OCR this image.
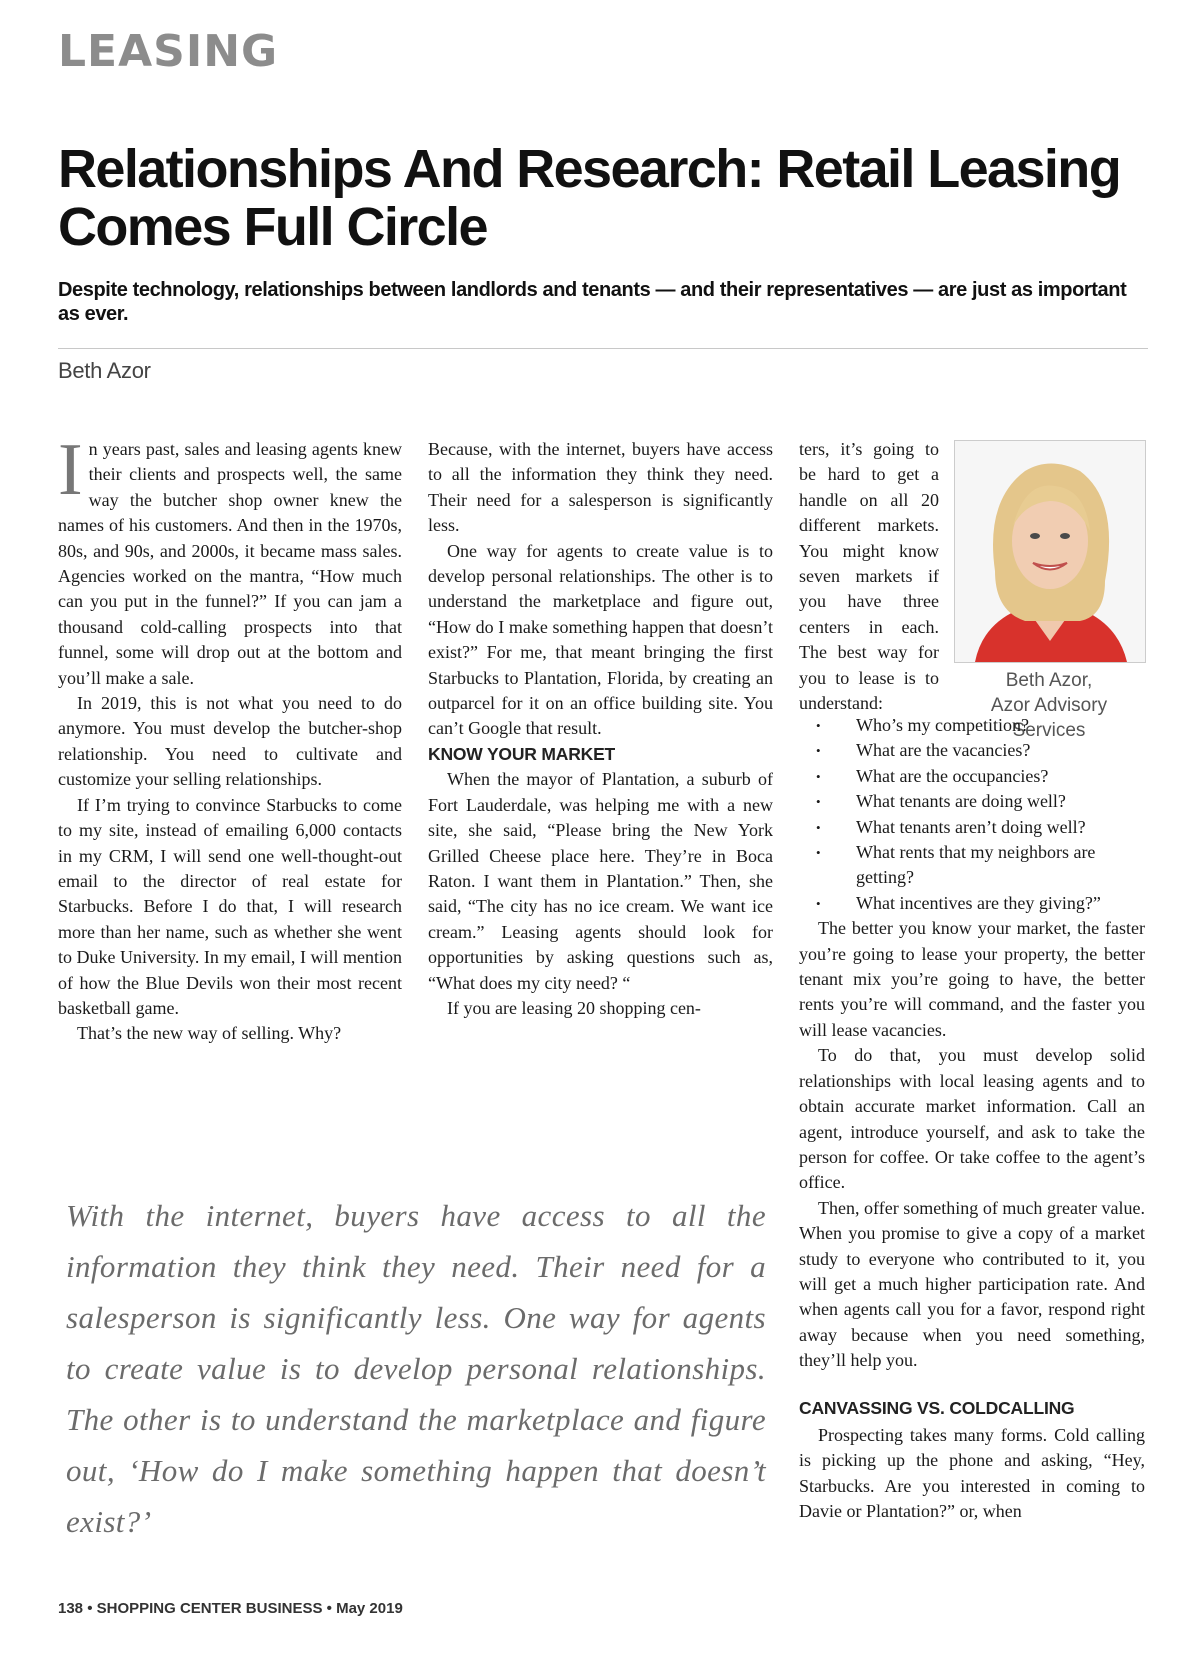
LEASING
Relationships And Research: Retail Leasing Comes Full Circle

Despite technology, relationships between landlords and tenants — and their representatives — are just as important as ever.

Beth Azor

In years past, sales and leasing agents knew their clients and prospects well, the same way the butcher shop owner knew the names of his customers. And then in the 1970s, 80s, and 90s, and 2000s, it became mass sales. Agencies worked on the mantra, “How much can you put in the funnel?” If you can jam a thousand cold-calling prospects into that funnel, some will drop out at the bottom and you’ll make a sale.

In 2019, this is not what you need to do anymore. You must develop the butcher-shop relationship. You need to cultivate and customize your selling relationships.

If I’m trying to convince Starbucks to come to my site, instead of emailing 6,000 contacts in my CRM, I will send one well-thought-out email to the director of real estate for Starbucks. Before I do that, I will research more than her name, such as whether she went to Duke University. In my email, I will mention of how the Blue Devils won their most recent basketball game.

That’s the new way of selling. Why?

Because, with the internet, buyers have access to all the information they think they need. Their need for a salesperson is significantly less.

One way for agents to create value is to develop personal relationships. The other is to understand the marketplace and figure out, “How do I make something happen that doesn’t exist?” For me, that meant bringing the first Starbucks to Plantation, Florida, by creating an outparcel for it on an office building site. You can’t Google that result.

KNOW YOUR MARKET

When the mayor of Plantation, a suburb of Fort Lauderdale, was helping me with a new site, she said, “Please bring the New York Grilled Cheese place here. They’re in Boca Raton. I want them in Plantation.” Then, she said, “The city has no ice cream. We want ice cream.” Leasing agents should look for opportunities by asking questions such as, “What does my city need? “

If you are leasing 20 shopping cen-

ters, it’s going to be hard to get a handle on all 20 different markets. You might know seven markets if you have three centers in each. The best way for you to lease is to understand:

Beth Azor,
Azor Advisory Services
• Who’s my competition?
• What are the vacancies?
• What are the occupancies?
• What tenants are doing well?
• What tenants aren’t doing well?
• What rents that my neighbors are getting?
• What incentives are they giving?”

The better you know your market, the faster you’re going to lease your property, the better tenant mix you’re going to have, the better rents you’re will command, and the faster you will lease vacancies.

To do that, you must develop solid relationships with local leasing agents and to obtain accurate market information. Call an agent, introduce yourself, and ask to take the person for coffee. Or take coffee to the agent’s office.

Then, offer something of much greater value. When you promise to give a copy of a market study to everyone who contributed to it, you will get a much higher participation rate. And when agents call you for a favor, respond right away because when you need something, they’ll help you.

CANVASSING VS. COLDCALLING

Prospecting takes many forms. Cold calling is picking up the phone and asking, “Hey, Starbucks. Are you interested in coming to Davie or Plantation?” or, when

With the internet, buyers have access to all the information they think they need. Their need for a salesperson is significantly less. One way for agents to create value is to develop personal relationships. The other is to understand the marketplace and figure out, ‘How do I make something happen that doesn’t exist?’
138 • SHOPPING CENTER BUSINESS • May 2019
